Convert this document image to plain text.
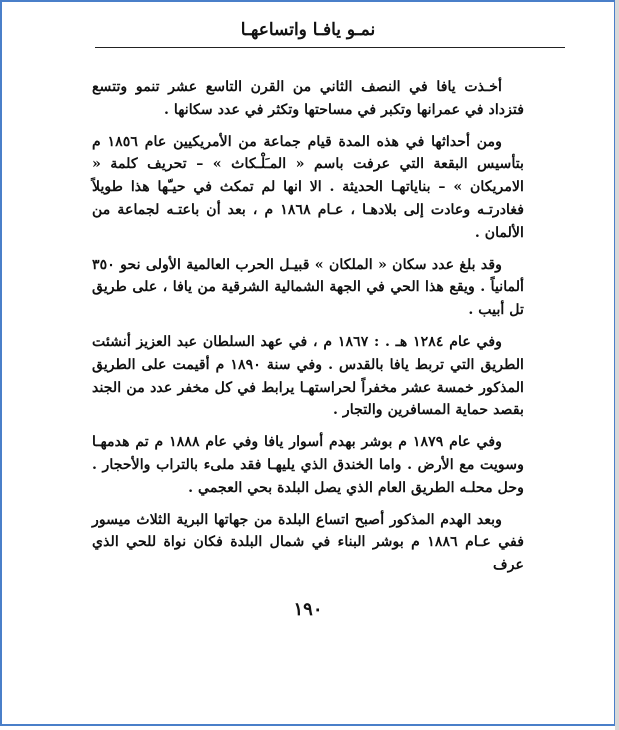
نمـو يافـا واتساعهـا

أخـذت يافا في النصف الثاني من القرن التاسع عشر تنمو وتتسع فتزداد في عمرانها وتكبر في مساحتها وتكثر في عدد سكانها .

ومن أحداثها في هذه المدة قيام جماعة من الأمريكيين عام ١٨٥٦ م بتأسيس البقعة التي عرفت باسم « المـَلْـكاث » – تحريف كلمة « الامريكان » – بناياتهـا الحديثة . الا انها لم تمكث في حيـّها هذا طويلاً فغادرتـه وعادت إلى بلادهـا ، عـام ١٨٦٨ م ، بعد أن باعتـه لجماعة من الألمان .

وقد بلغ عدد سكان « الملكان » قبيـل الحرب العالمية الأولى نحو ٣٥٠ ألمانياً . ويقع هذا الحي في الجهة الشمالية الشرقية من يافا ، على طريق تل أبيب .

وفي عام ١٢٨٤ هـ . : ١٨٦٧ م ، في عهد السلطان عبد العزيز أنشئت الطريق التي تربط يافا بالقدس . وفي سنة ١٨٩٠ م أقيمت على الطريق المذكور خمسة عشر مخفراً لحراستهـا يرابط في كل مخفر عدد من الجند بقصد حماية المسافرين والتجار .

وفي عام ١٨٧٩ م بوشر بهدم أسوار يافا وفي عام ١٨٨٨ م تم هدمهـا وسويت مع الأرض . واما الخندق الذي يليهـا فقد ملىء بالتراب والأحجار . وحل محلـه الطريق العام الذي يصل البلدة بحي العجمي .

وبعد الهدم المذكور أصبح اتساع البلدة من جهاتها البرية الثلاث ميسور ففي عـام ١٨٨٦ م بوشر البناء في شمال البلدة فكان نواة للحي الذي عرف

١٩٠
